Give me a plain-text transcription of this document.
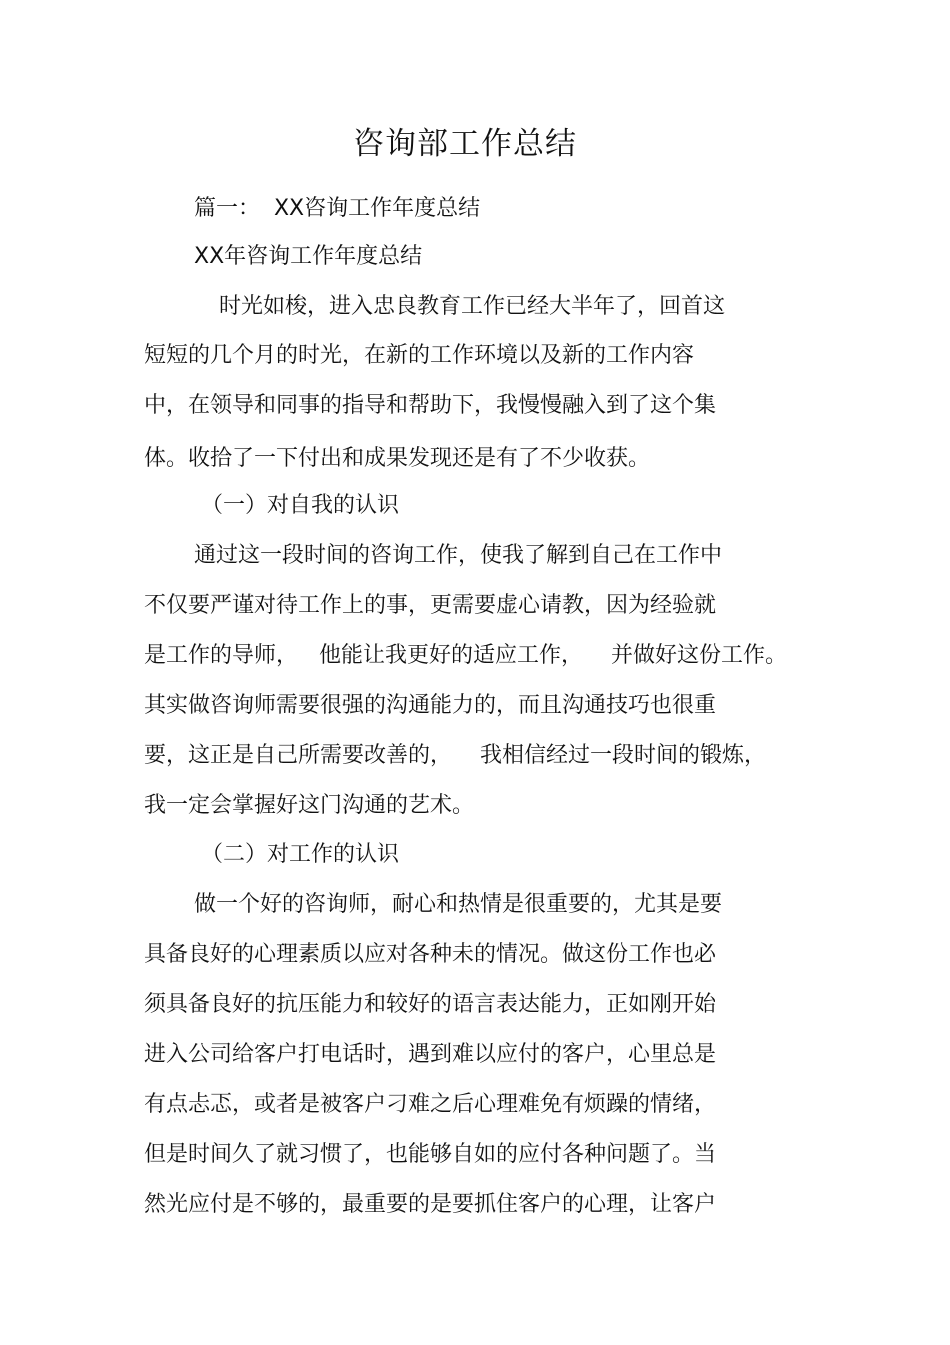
咨询部工作总结
篇一：  XX咨询工作年度总结
XX年咨询工作年度总结
时光如梭，进入忠良教育工作已经大半年了，回首这
短短的几个月的时光，在新的工作环境以及新的工作内容
中，在领导和同事的指导和帮助下，我慢慢融入到了这个集
体。收拾了一下付出和成果发现还是有了不少收获。
（一）对自我的认识
通过这一段时间的咨询工作，使我了解到自己在工作中
不仅要严谨对待工作上的事，更需要虚心请教，因为经验就
是工作的导师，   他能让我更好的适应工作，    并做好这份工作。
其实做咨询师需要很强的沟通能力的，而且沟通技巧也很重
要，这正是自己所需要改善的，    我相信经过一段时间的锻炼，
我一定会掌握好这门沟通的艺术。
（二）对工作的认识
做一个好的咨询师，耐心和热情是很重要的，尤其是要
具备良好的心理素质以应对各种未的情况。做这份工作也必
须具备良好的抗压能力和较好的语言表达能力，正如刚开始
进入公司给客户打电话时，遇到难以应付的客户，心里总是
有点忐忑，或者是被客户刁难之后心理难免有烦躁的情绪，
但是时间久了就习惯了，也能够自如的应付各种问题了。当
然光应付是不够的，最重要的是要抓住客户的心理，让客户
